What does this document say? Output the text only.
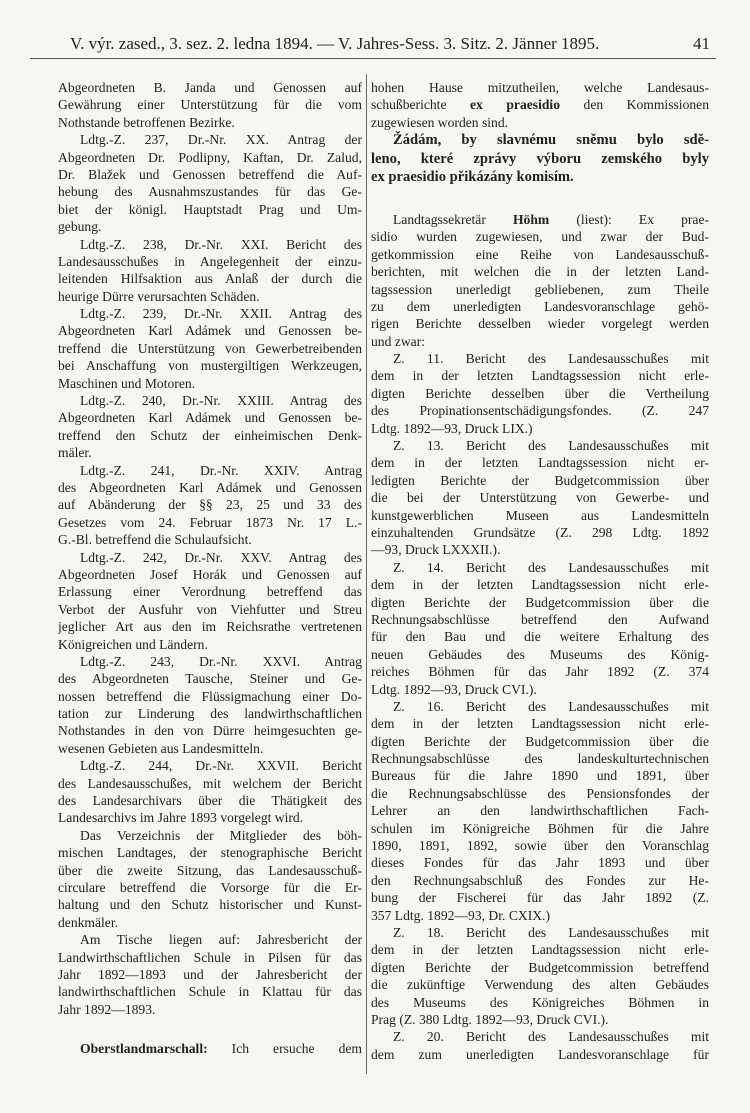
V. výr. zased., 3. sez. 2. ledna 1894. — V. Jahres-Sess. 3. Sitz. 2. Jänner 1895.	41
Abgeordneten B. Janda und Genossen auf
Gewährung einer Unterstützung für die vom
Nothstande betroffenen Bezirke.
Ldtg.-Z. 237, Dr.-Nr. XX. Antrag der
Abgeordneten Dr. Podlipny, Kaftan, Dr. Zalud,
Dr. Blažek und Genossen betreffend die Auf-
hebung des Ausnahmszustandes für das Ge-
biet der königl. Hauptstadt Prag und Um-
gebung.
Ldtg.-Z. 238, Dr.-Nr. XXI. Bericht des
Landesausschußes in Angelegenheit der einzu-
leitenden Hilfsaktion aus Anlaß der durch die
heurige Dürre verursachten Schäden.
Ldtg.-Z. 239, Dr.-Nr. XXII. Antrag des
Abgeordneten Karl Adámek und Genossen be-
treffend die Unterstützung von Gewerbetreibenden
bei Anschaffung von mustergiltigen Werkzeugen,
Maschinen und Motoren.
Ldtg.-Z. 240, Dr.-Nr. XXIII. Antrag des
Abgeordneten Karl Adámek und Genossen be-
treffend den Schutz der einheimischen Denk-
mäler.
Ldtg.-Z. 241, Dr.-Nr. XXIV. Antrag
des Abgeordneten Karl Adámek und Genossen
auf Abänderung der §§ 23, 25 und 33 des
Gesetzes vom 24. Februar 1873 Nr. 17 L.-
G.-Bl. betreffend die Schulaufsicht.
Ldtg.-Z. 242, Dr.-Nr. XXV. Antrag des
Abgeordneten Josef Horák und Genossen auf
Erlassung einer Verordnung betreffend das
Verbot der Ausfuhr von Viehfutter und Streu
jeglicher Art aus den im Reichsrathe vertretenen
Königreichen und Ländern.
Ldtg.-Z. 243, Dr.-Nr. XXVI. Antrag
des Abgeordneten Tausche, Steiner und Ge-
nossen betreffend die Flüssigmachung einer Do-
tation zur Linderung des landwirthschaftlichen
Nothstandes in den von Dürre heimgesuchten ge-
wesenen Gebieten aus Landesmitteln.
Ldtg.-Z. 244, Dr.-Nr. XXVII. Bericht
des Landesausschußes, mit welchem der Bericht
des Landesarchivars über die Thätigkeit des
Landesarchivs im Jahre 1893 vorgelegt wird.
Das Verzeichnis der Mitglieder des böh-
mischen Landtages, der stenographische Bericht
über die zweite Sitzung, das Landesausschuß-
circulare betreffend die Vorsorge für die Er-
haltung und den Schutz historischer und Kunst-
denkmäler.
Am Tische liegen auf: Jahresbericht der
Landwirthschaftlichen Schule in Pilsen für das
Jahr 1892—1893 und der Jahresbericht der
landwirthschaftlichen Schule in Klattau für das
Jahr 1892—1893.
Oberstlandmarschall: Ich ersuche dem
hohen Hause mitzutheilen, welche Landesaus-
schußberichte ex praesidio den Kommissionen
zugewiesen worden sind.
Žádám, by slavnému sněmu bylo sdě-
leno, které zprávy výboru zemského byly
ex praesidio přikázány komisím.
Landtagssekretär Höhm (liest): Ex prae-
sidio wurden zugewiesen, und zwar der Bud-
getkommission eine Reihe von Landesausschuß-
berichten, mit welchen die in der letzten Land-
tagssession unerledigt gebliebenen, zum Theile
zu dem unerledigten Landesvoranschlage gehö-
rigen Berichte desselben wieder vorgelegt werden
und zwar:
Z. 11. Bericht des Landesausschußes mit
dem in der letzten Landtagssession nicht erle-
digten Berichte desselben über die Vertheilung
des Propinationsentschädigungsfondes. (Z. 247
Ldtg. 1892—93, Druck LIX.)
Z. 13. Bericht des Landesausschußes mit
dem in der letzten Landtagssession nicht er-
ledigten Berichte der Budgetcommission über
die bei der Unterstützung von Gewerbe- und
kunstgewerblichen Museen aus Landesmitteln
einzuhaltenden Grundsätze (Z. 298 Ldtg. 1892
—93, Druck LXXXII.).
Z. 14. Bericht des Landesausschußes mit
dem in der letzten Landtagssession nicht erle-
digten Berichte der Budgetcommission über die
Rechnungsabschlüsse betreffend den Aufwand
für den Bau und die weitere Erhaltung des
neuen Gebäudes des Museums des König-
reiches Böhmen für das Jahr 1892 (Z. 374
Ldtg. 1892—93, Druck CVI.).
Z. 16. Bericht des Landesausschußes mit
dem in der letzten Landtagssession nicht erle-
digten Berichte der Budgetcommission über die
Rechnungsabschlüsse des landeskulturtechnischen
Bureaus für die Jahre 1890 und 1891, über
die Rechnungsabschlüsse des Pensionsfondes der
Lehrer an den landwirthschaftlichen Fach-
schulen im Königreiche Böhmen für die Jahre
1890, 1891, 1892, sowie über den Voranschlag
dieses Fondes für das Jahr 1893 und über
den Rechnungsabschluß des Fondes zur He-
bung der Fischerei für das Jahr 1892 (Z.
357 Ldtg. 1892—93, Dr. CXIX.)
Z. 18. Bericht des Landesausschußes mit
dem in der letzten Landtagssession nicht erle-
digten Berichte der Budgetcommission betreffend
die zukünftige Verwendung des alten Gebäudes
des Museums des Königreiches Böhmen in
Prag (Z. 380 Ldtg. 1892—93, Druck CVI.).
Z. 20. Bericht des Landesausschußes mit
dem zum unerledigten Landesvoranschlage für
